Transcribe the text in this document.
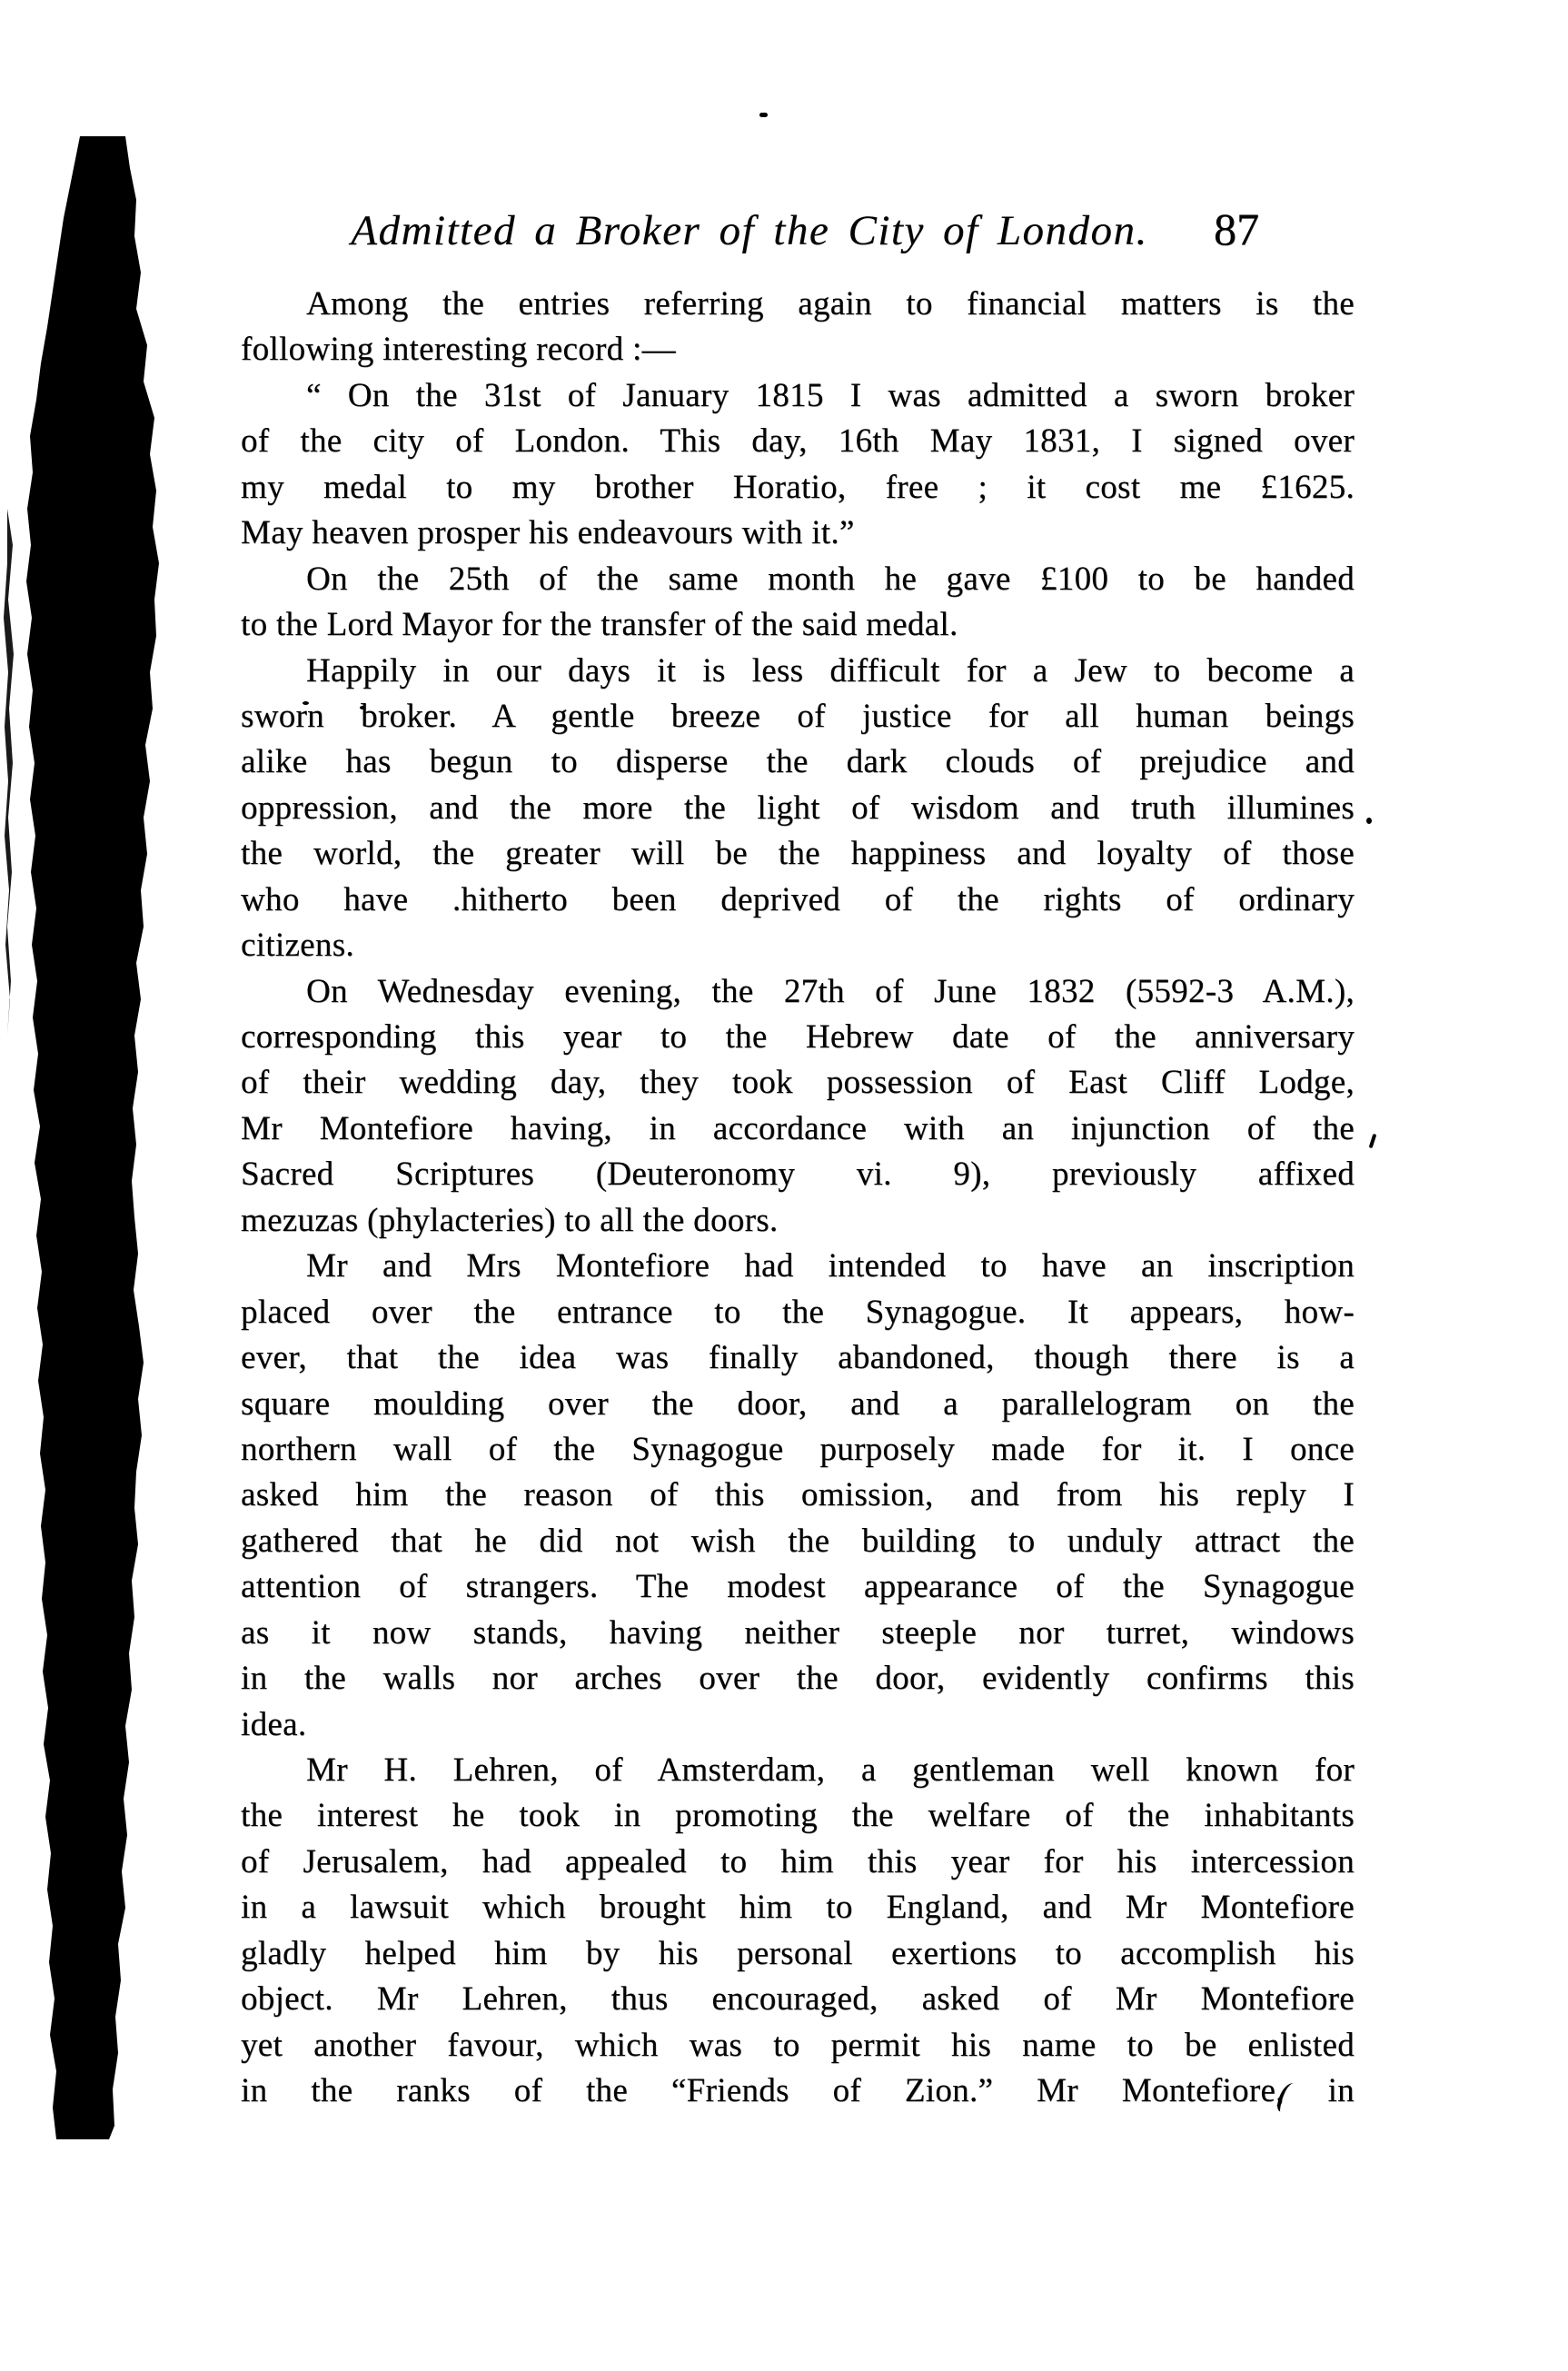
Admitted a Broker of the City of London.	87
Among the entries referring again to financial matters is the
following interesting record :—
“ On the 31st of January 1815 I was admitted a sworn broker
of the city of London. This day, 16th May 1831, I signed over
my medal to my brother Horatio, free ; it cost me £1625.
May heaven prosper his endeavours with it.”
On the 25th of the same month he gave £100 to be handed
to the Lord Mayor for the transfer of the said medal.
Happily in our days it is less difficult for a Jew to become a
sworn broker. A gentle breeze of justice for all human beings
alike has begun to disperse the dark clouds of prejudice and
oppression, and the more the light of wisdom and truth illumines
the world, the greater will be the happiness and loyalty of those
who have .hitherto been deprived of the rights of ordinary
citizens.
On Wednesday evening, the 27th of June 1832 (5592-3 A.M.),
corresponding this year to the Hebrew date of the anniversary
of their wedding day, they took possession of East Cliff Lodge,
Mr Montefiore having, in accordance with an injunction of the
Sacred Scriptures (Deuteronomy vi. 9), previously affixed
mezuzas (phylacteries) to all the doors.
Mr and Mrs Montefiore had intended to have an inscription
placed over the entrance to the Synagogue. It appears, how-
ever, that the idea was finally abandoned, though there is a
square moulding over the door, and a parallelogram on the
northern wall of the Synagogue purposely made for it. I once
asked him the reason of this omission, and from his reply I
gathered that he did not wish the building to unduly attract the
attention of strangers. The modest appearance of the Synagogue
as it now stands, having neither steeple nor turret, windows
in the walls nor arches over the door, evidently confirms this
idea.
Mr H. Lehren, of Amsterdam, a gentleman well known for
the interest he took in promoting the welfare of the inhabitants
of Jerusalem, had appealed to him this year for his intercession
in a lawsuit which brought him to England, and Mr Montefiore
gladly helped him by his personal exertions to accomplish his
object. Mr Lehren, thus encouraged, asked of Mr Montefiore
yet another favour, which was to permit his name to be enlisted
in the ranks of the “Friends of Zion.” Mr Montefiore, in
